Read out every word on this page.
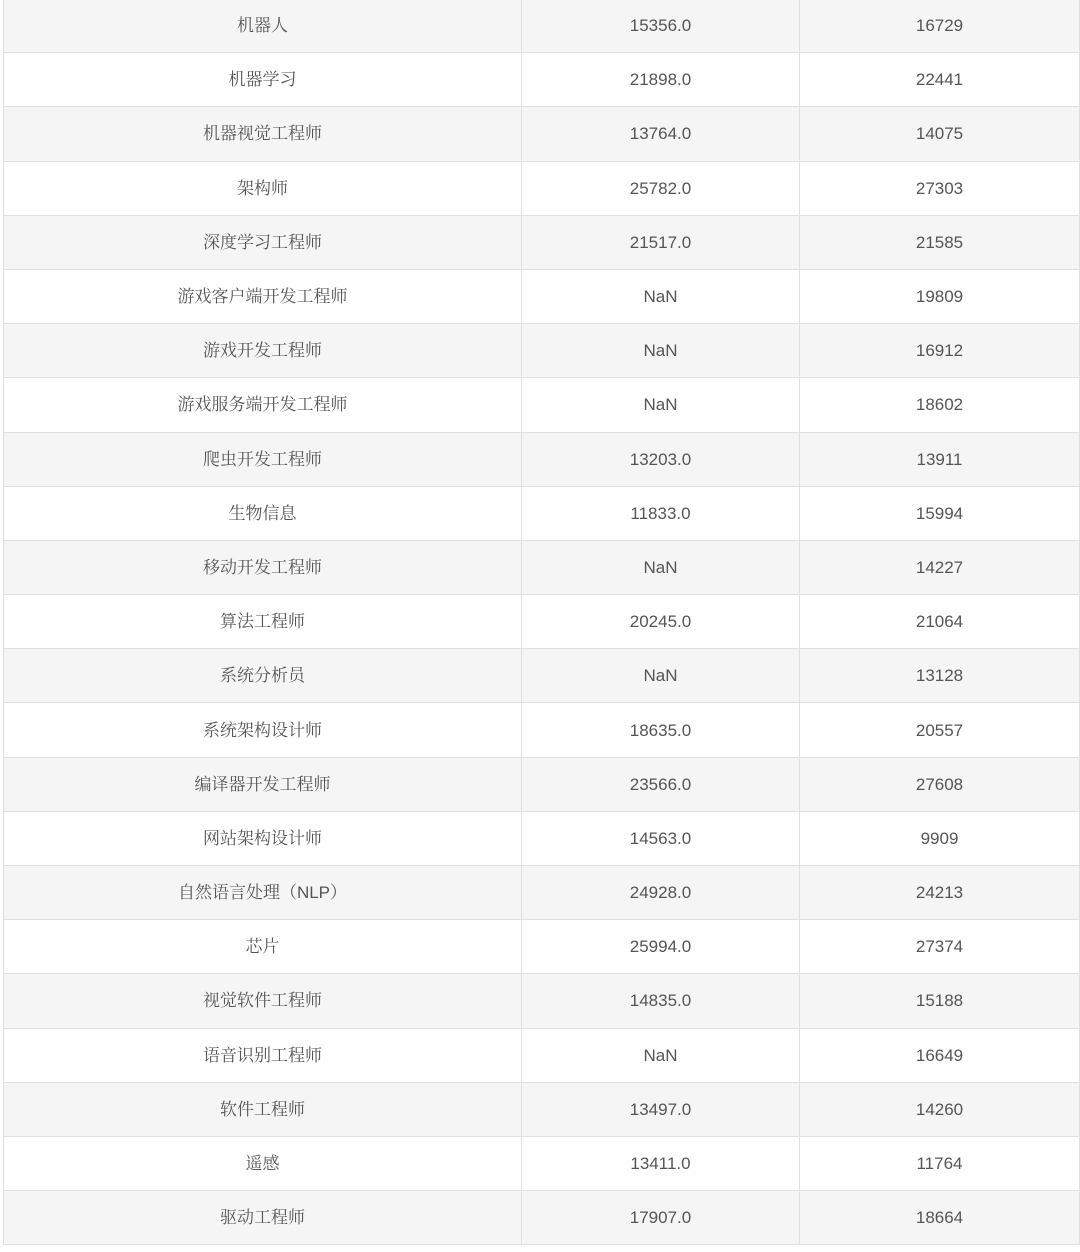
机器人	15356.0	16729
机器学习	21898.0	22441
机器视觉工程师	13764.0	14075
架构师	25782.0	27303
深度学习工程师	21517.0	21585
游戏客户端开发工程师	NaN	19809
游戏开发工程师	NaN	16912
游戏服务端开发工程师	NaN	18602
爬虫开发工程师	13203.0	13911
生物信息	11833.0	15994
移动开发工程师	NaN	14227
算法工程师	20245.0	21064
系统分析员	NaN	13128
系统架构设计师	18635.0	20557
编译器开发工程师	23566.0	27608
网站架构设计师	14563.0	9909
自然语言处理（NLP）	24928.0	24213
芯片	25994.0	27374
视觉软件工程师	14835.0	15188
语音识别工程师	NaN	16649
软件工程师	13497.0	14260
遥感	13411.0	11764
驱动工程师	17907.0	18664
